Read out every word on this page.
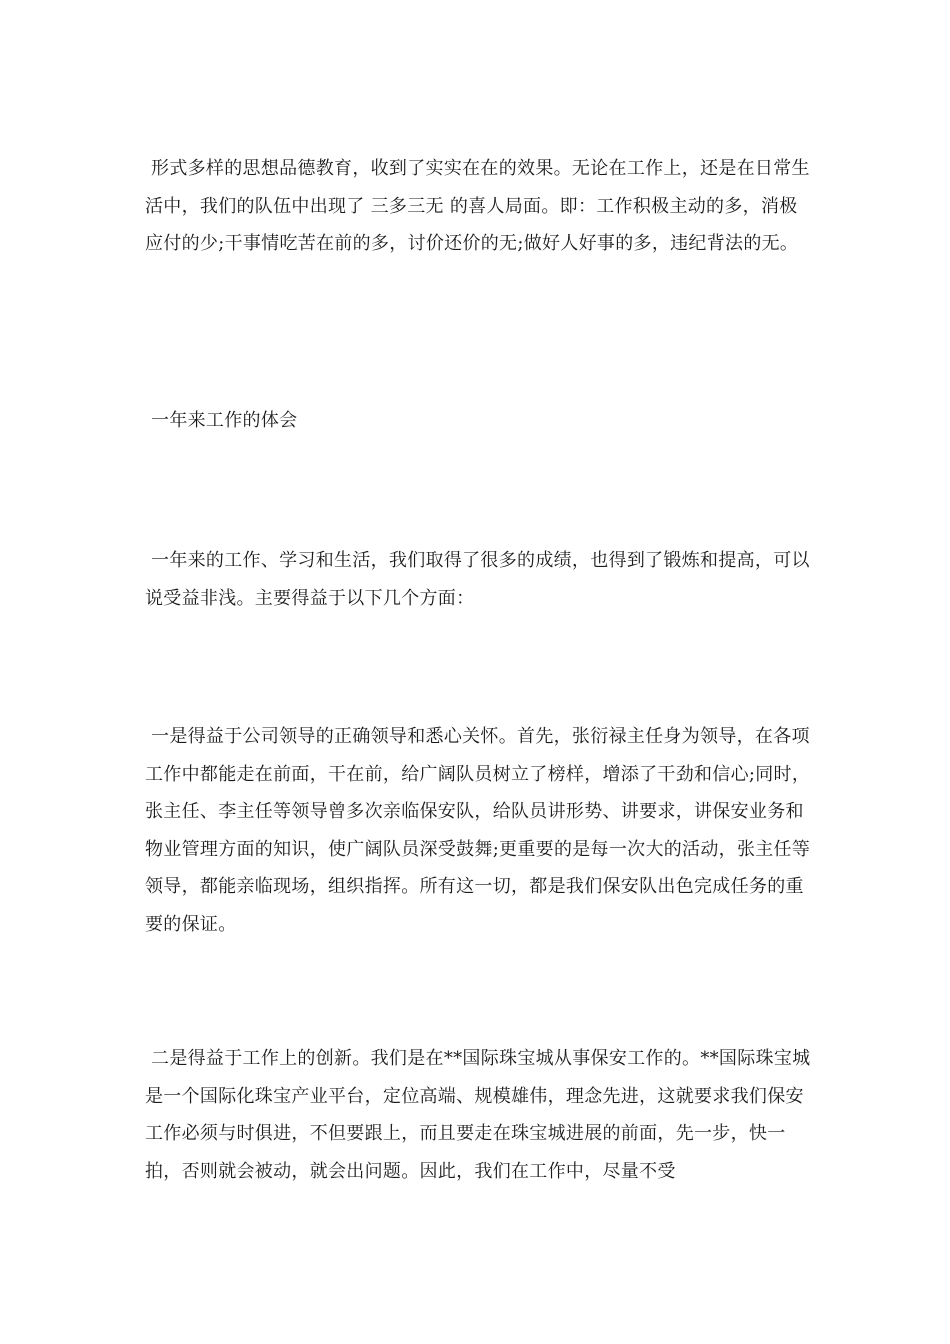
形式多样的思想品德教育，收到了实实在在的效果。无论在工作上，还是在日常生活中，我们的队伍中出现了 三多三无 的喜人局面。即：工作积极主动的多，消极应付的少;干事情吃苦在前的多，讨价还价的无;做好人好事的多，违纪背法的无。

一年来工作的体会

一年来的工作、学习和生活，我们取得了很多的成绩，也得到了锻炼和提高，可以说受益非浅。主要得益于以下几个方面：

一是得益于公司领导的正确领导和悉心关怀。首先，张衍禄主任身为领导，在各项工作中都能走在前面，干在前，给广阔队员树立了榜样，增添了干劲和信心;同时，张主任、李主任等领导曾多次亲临保安队，给队员讲形势、讲要求，讲保安业务和物业管理方面的知识，使广阔队员深受鼓舞;更重要的是每一次大的活动，张主任等领导，都能亲临现场，组织指挥。所有这一切，都是我们保安队出色完成任务的重要的保证。

二是得益于工作上的创新。我们是在**国际珠宝城从事保安工作的。**国际珠宝城是一个国际化珠宝产业平台，定位高端、规模雄伟，理念先进，这就要求我们保安工作必须与时俱进，不但要跟上，而且要走在珠宝城进展的前面，先一步，快一拍，否则就会被动，就会出问题。因此，我们在工作中，尽量不受
